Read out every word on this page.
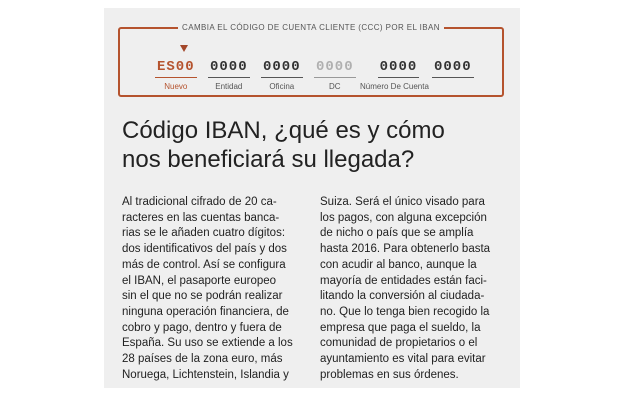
CAMBIA EL CÓDIGO DE CUENTA CLIENTE (CCC) POR EL IBAN
ES00
Nuevo
0000
Entidad
0000
Oficina
0000
DC
0000
Número De Cuenta
0000
Código IBAN, ¿qué es y cómo
nos beneficiará su llegada?
Al tradicional cifrado de 20 ca-
racteres en las cuentas banca-
rias se le añaden cuatro dígitos:
dos identificativos del país y dos
más de control. Así se configura
el IBAN, el pasaporte europeo
sin el que no se podrán realizar
ninguna operación financiera, de
cobro y pago, dentro y fuera de
España. Su uso se extiende a los
28 países de la zona euro, más
Noruega, Lichtenstein, Islandia y
Suiza. Será el único visado para
los pagos, con alguna excepción
de nicho o país que se amplía
hasta 2016. Para obtenerlo basta
con acudir al banco, aunque la
mayoría de entidades están faci-
litando la conversión al ciudada-
no. Que lo tenga bien recogido la
empresa que paga el sueldo, la
comunidad de propietarios o el
ayuntamiento es vital para evitar
problemas en sus órdenes.
